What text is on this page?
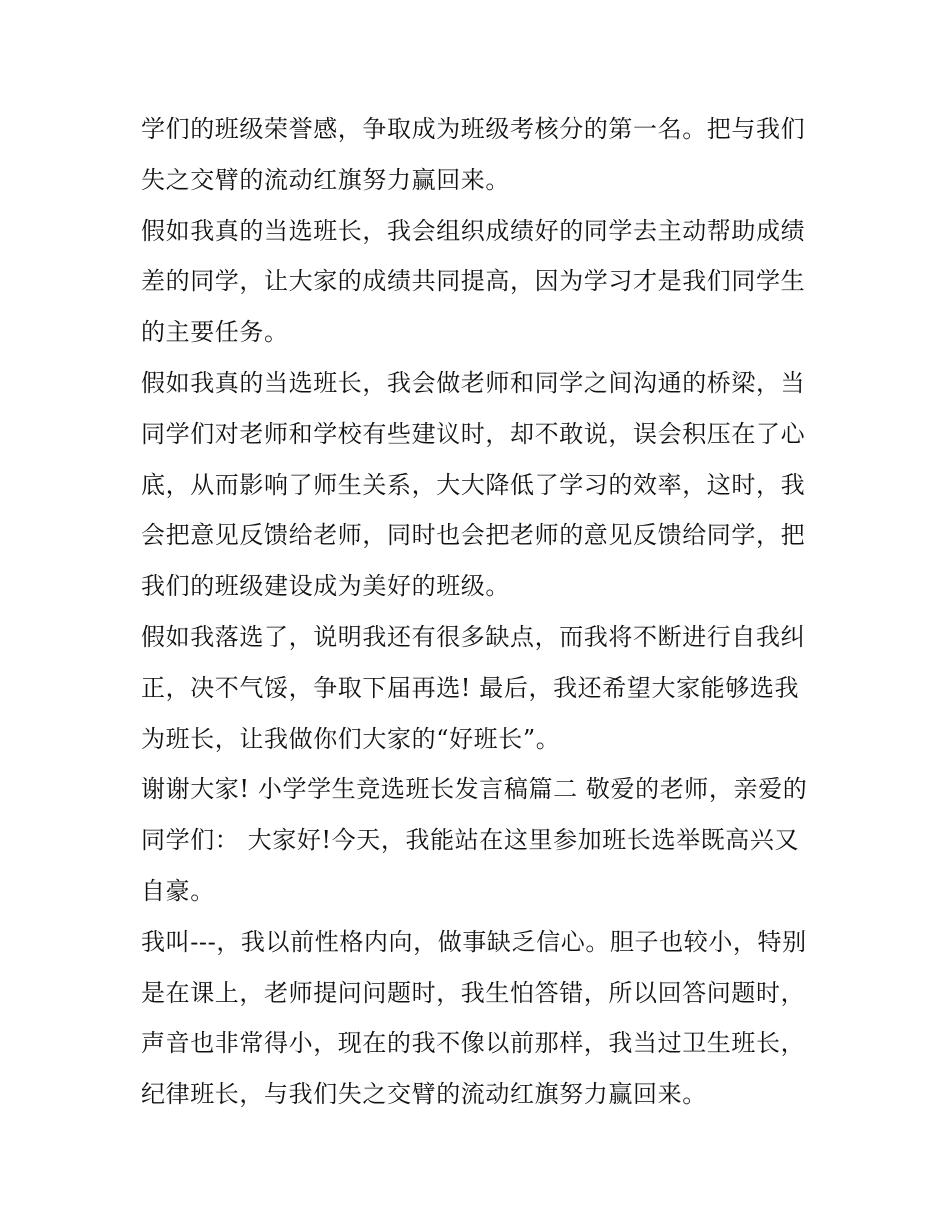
学们的班级荣誉感，争取成为班级考核分的第一名。把与我们失之交臂的流动红旗努力赢回来。

假如我真的当选班长，我会组织成绩好的同学去主动帮助成绩差的同学，让大家的成绩共同提高，因为学习才是我们同学生的主要任务。

假如我真的当选班长，我会做老师和同学之间沟通的桥梁，当同学们对老师和学校有些建议时，却不敢说，误会积压在了心底，从而影响了师生关系，大大降低了学习的效率，这时，我会把意见反馈给老师，同时也会把老师的意见反馈给同学，把我们的班级建设成为美好的班级。

假如我落选了，说明我还有很多缺点，而我将不断进行自我纠正，决不气馁，争取下届再选! 最后，我还希望大家能够选我为班长，让我做你们大家的“好班长”。

谢谢大家! 小学学生竞选班长发言稿篇二 敬爱的老师，亲爱的同学们： 大家好!今天，我能站在这里参加班长选举既高兴又自豪。

我叫---，我以前性格内向，做事缺乏信心。胆子也较小，特别是在课上，老师提问问题时，我生怕答错，所以回答问题时，声音也非常得小，现在的我不像以前那样，我当过卫生班长，纪律班长，与我们失之交臂的流动红旗努力赢回来。
